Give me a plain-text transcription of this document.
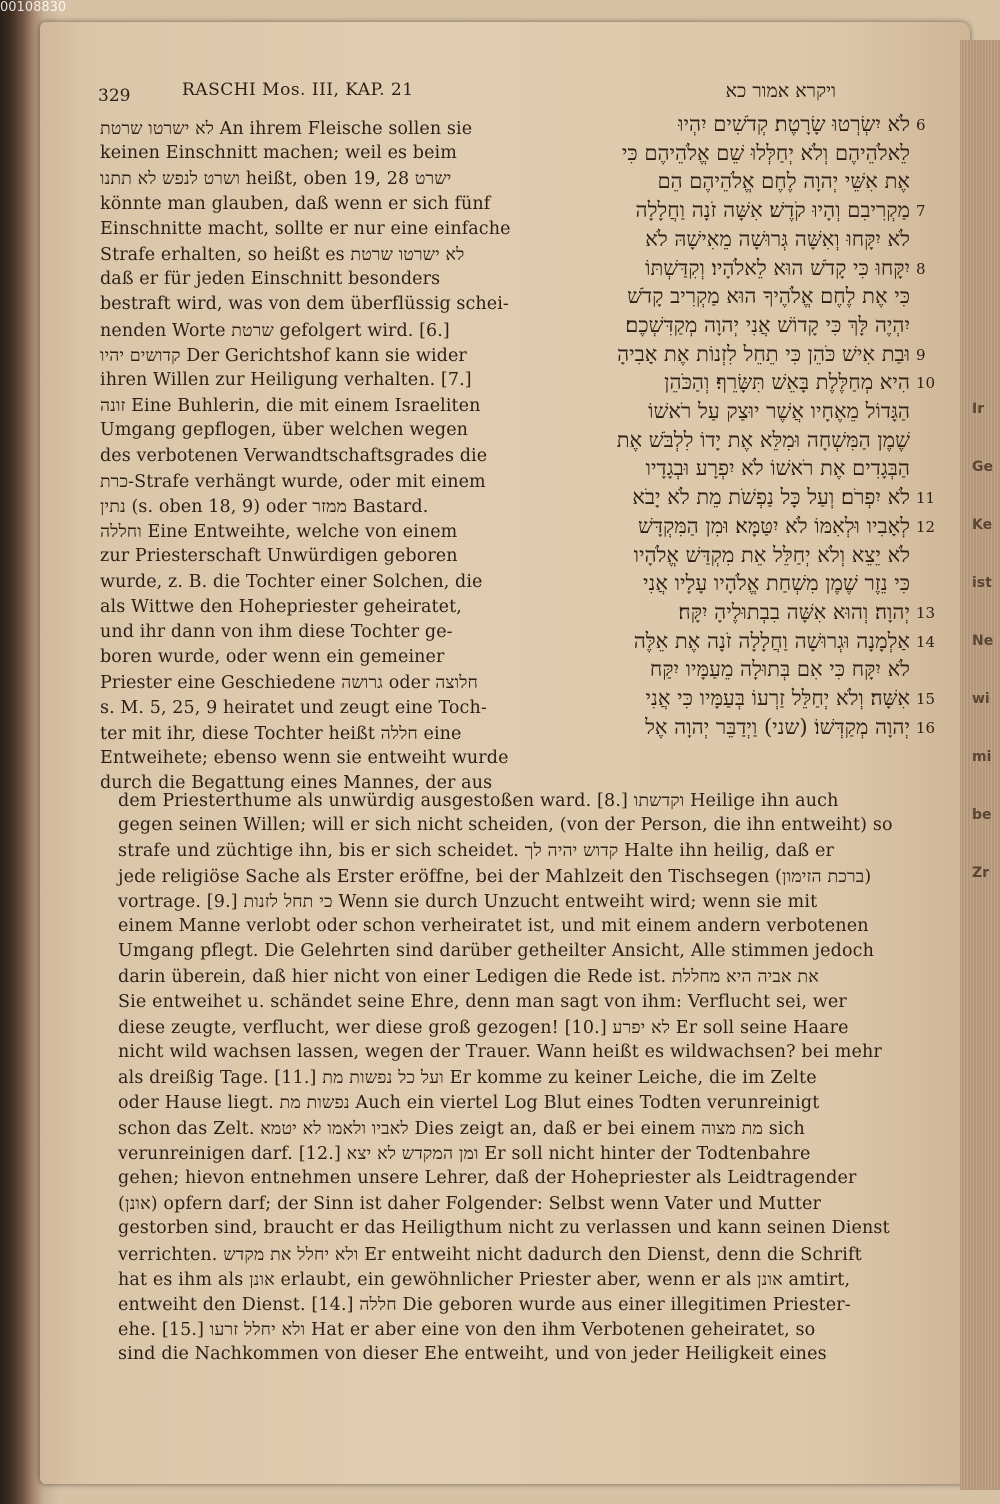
Ir Ge Ke ist Ne wi mi be Zr
00108830
329	RASCHI Mos. III, KAP. 21	ויקרא אמור כא
לֹא יִשְׂרְטוּ שָׂרָטֶת׃ קְדֹשִׁים יִהְיוּ
לֵאלֹהֵיהֶם וְלֹא יְחַלְּלוּ שֵׁם אֱלֹהֵיהֶם כִּי
אֶת אִשֵּׁי יְהוָה לֶחֶם אֱלֹהֵיהֶם הֵם
מַקְרִיבִם וְהָיוּ קֹדֶשׁ׃ אִשָּׁה זֹנָה וַחֲלָלָה
לֹא יִקָּחוּ וְאִשָּׁה גְּרוּשָׁה מֵאִישָׁהּ לֹא
יִקָּחוּ כִּי קָדֹשׁ הוּא לֵאלֹהָיו׃ וְקִדַּשְׁתּוֹ
כִּי אֶת לֶחֶם אֱלֹהֶיךָ הוּא מַקְרִיב קָדֹשׁ
יִהְיֶה לָּךְ כִּי קָדוֹשׁ אֲנִי יְהוָה מְקַדִּשְׁכֶם׃
וּבַת אִישׁ כֹּהֵן כִּי תֵחֵל לִזְנוֹת אֶת אָבִיהָ
הִיא מְחַלֶּלֶת בָּאֵשׁ תִּשָּׂרֵף׃ וְהַכֹּהֵן
הַגָּדוֹל מֵאֶחָיו אֲשֶׁר יוּצַק עַל רֹאשׁוֹ
שֶׁמֶן הַמִּשְׁחָה וּמִלֵּא אֶת יָדוֹ לִלְבֹּשׁ אֶת
הַבְּגָדִים אֶת רֹאשׁוֹ לֹא יִפְרָע וּבְגָדָיו
לֹא יִפְרֹם׃ וְעַל כָּל נַפְשֹׁת מֵת לֹא יָבֹא
לְאָבִיו וּלְאִמּוֹ לֹא יִטַּמָּא׃ וּמִן הַמִּקְדָּשׁ
לֹא יֵצֵא וְלֹא יְחַלֵּל אֵת מִקְדַּשׁ אֱלֹהָיו
כִּי נֵזֶר שֶׁמֶן מִשְׁחַת אֱלֹהָיו עָלָיו אֲנִי
יְהוָה׃ וְהוּא אִשָּׁה בִבְתוּלֶיהָ יִקָּח׃
אַלְמָנָה וּגְרוּשָׁה וַחֲלָלָה זֹנָה אֶת אֵלֶּה
לֹא יִקָּח כִּי אִם בְּתוּלָה מֵעַמָּיו יִקַּח
אִשָּׁה׃ וְלֹא יְחַלֵּל זַרְעוֹ בְּעַמָּיו כִּי אֲנִי
יְהוָה מְקַדְּשׁוֹ׃ (שני) וַיְדַבֵּר יְהוָה אֶל
6
7
8
9
10
11
12
13
14
15
16
לא ישרטו שרטת An ihrem Fleische sollen sie
keinen Einschnitt machen; weil es beim
ושרט לנפש לא תתנו heißt, oben 19, 28 ישרט
könnte man glauben, daß wenn er sich fünf
Einschnitte macht, sollte er nur eine einfache
Strafe erhalten, so heißt es לא ישרטו שרטת
daß er für jeden Einschnitt besonders
bestraft wird, was von dem überflüssig schei-
nenden Worte שרטת gefolgert wird. [6.]
קדושים יהיו Der Gerichtshof kann sie wider
ihren Willen zur Heiligung verhalten. [7.]
זונה Eine Buhlerin, die mit einem Israeliten
Umgang gepflogen, über welchen wegen
des verbotenen Verwandtschaftsgrades die
כרת-Strafe verhängt wurde, oder mit einem
נתין (s. oben 18, 9) oder ממזר Bastard.
וחללה Eine Entweihte, welche von einem
zur Priesterschaft Unwürdigen geboren
wurde, z. B. die Tochter einer Solchen, die
als Wittwe den Hohepriester geheiratet,
und ihr dann von ihm diese Tochter ge-
boren wurde, oder wenn ein gemeiner
Priester eine Geschiedene גרושה oder חלוצה
s. M. 5, 25, 9 heiratet und zeugt eine Toch-
ter mit ihr, diese Tochter heißt חללה eine
Entweihete; ebenso wenn sie entweiht wurde
durch die Begattung eines Mannes, der aus
dem Priesterthume als unwürdig ausgestoßen ward. [8.] וקדשתו Heilige ihn auch
gegen seinen Willen; will er sich nicht scheiden, (von der Person, die ihn entweiht) so
strafe und züchtige ihn, bis er sich scheidet. קדוש יהיה לך Halte ihn heilig, daß er
jede religiöse Sache als Erster eröffne, bei der Mahlzeit den Tischsegen (ברכת הזימון)
vortrage. [9.] כי תחל לזנות Wenn sie durch Unzucht entweiht wird; wenn sie mit
einem Manne verlobt oder schon verheiratet ist, und mit einem andern verbotenen
Umgang pflegt. Die Gelehrten sind darüber getheilter Ansicht, Alle stimmen jedoch
darin überein, daß hier nicht von einer Ledigen die Rede ist. את אביה היא מחללת
Sie entweihet u. schändet seine Ehre, denn man sagt von ihm: Verflucht sei, wer
diese zeugte, verflucht, wer diese groß gezogen! [10.] לא יפרע Er soll seine Haare
nicht wild wachsen lassen, wegen der Trauer. Wann heißt es wildwachsen? bei mehr
als dreißig Tage. [11.] ועל כל נפשות מת Er komme zu keiner Leiche, die im Zelte
oder Hause liegt. נפשות מת Auch ein viertel Log Blut eines Todten verunreinigt
schon das Zelt. לאביו ולאמו לא יטמא Dies zeigt an, daß er bei einem מת מצוה sich
verunreinigen darf. [12.] ומן המקדש לא יצא Er soll nicht hinter der Todtenbahre
gehen; hievon entnehmen unsere Lehrer, daß der Hohepriester als Leidtragender
(אונן) opfern darf; der Sinn ist daher Folgender: Selbst wenn Vater und Mutter
gestorben sind, braucht er das Heiligthum nicht zu verlassen und kann seinen Dienst
verrichten. ולא יחלל את מקדש Er entweiht nicht dadurch den Dienst, denn die Schrift
hat es ihm als אונן erlaubt, ein gewöhnlicher Priester aber, wenn er als אונן amtirt,
entweiht den Dienst. [14.] חללה Die geboren wurde aus einer illegitimen Priester-
ehe. [15.] ולא יחלל זרעו Hat er aber eine von den ihm Verbotenen geheiratet, so
sind die Nachkommen von dieser Ehe entweiht, und von jeder Heiligkeit eines
